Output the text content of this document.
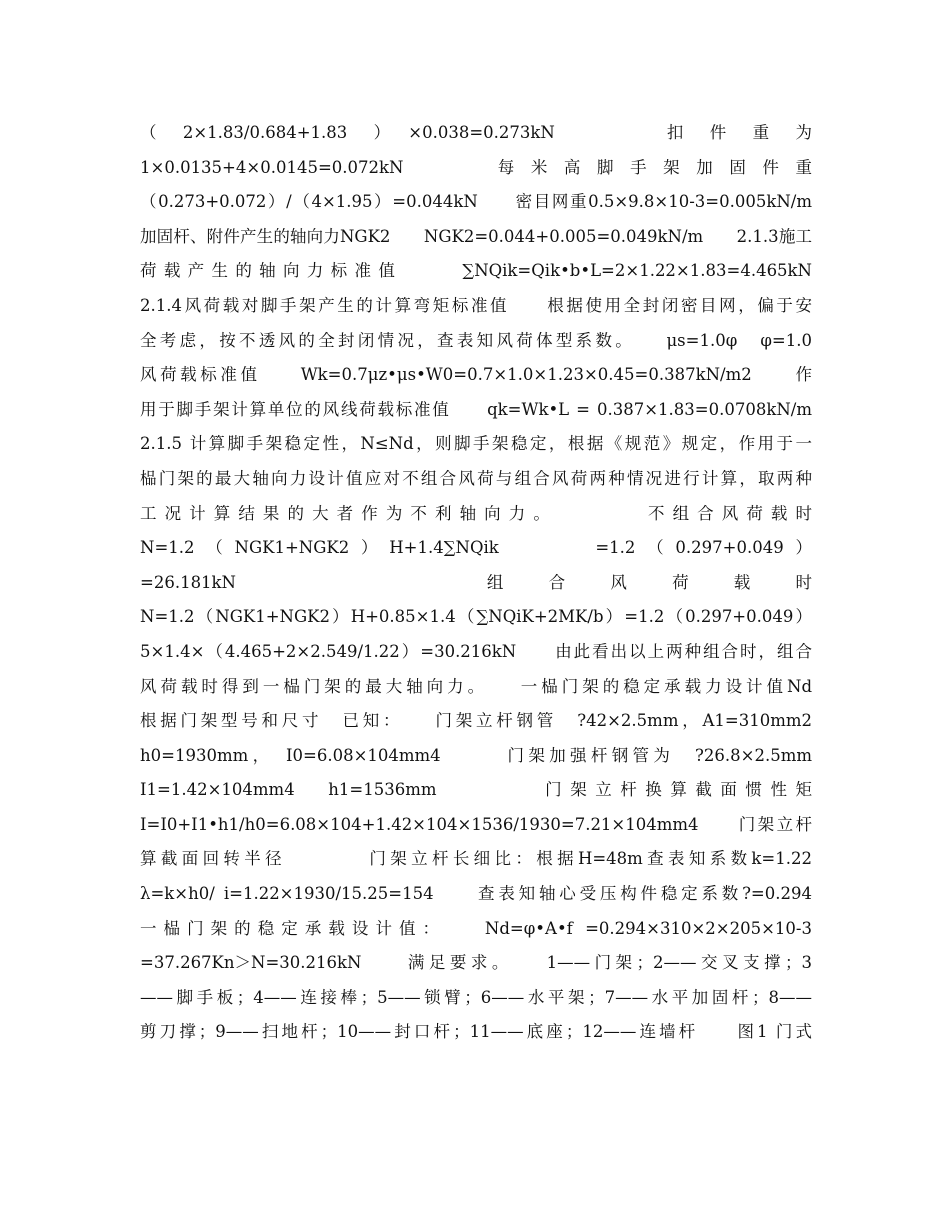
（　2×1.83/0.684+1.83　）　×0.038=0.273kN　　　　　扣　件　重　为
1×0.0135+4×0.0145=0.072kN　　　　每 米 高 脚 手 架 加 固 件 重
（0.273+0.072）/（4×1.95）=0.044kN　　密目网重0.5×9.8×10-3=0.005kN/m
加固杆、附件产生的轴向力NGK2　　NGK2=0.044+0.005=0.049kN/m　　2.1.3施工
荷载产生的轴向力标准值　　 ∑NQik=Qik•b•L=2×1.22×1.83=4.465kN
2.1.4风荷载对脚手架产生的计算弯矩标准值　　根据使用全封闭密目网，偏于安
全考虑，按不透风的全封闭情况，查表知风荷体型系数。　　μs=1.0φ　φ=1.0
风荷载标准值　　Wk=0.7μz•μs•W0=0.7×1.0×1.23×0.45=0.387kN/m2　　作
用于脚手架计算单位的风线荷载标准值　　qk=Wk•L = 0.387×1.83=0.0708kN/m
2.1.5 计算脚手架稳定性，N≤Nd，则脚手架稳定，根据《规范》规定，作用于一
榀门架的最大轴向力设计值应对不组合风荷与组合风荷两种情况进行计算，取两种
工况计算结果的大者作为不利轴向力。　　　　不组合风荷载时
N=1.2（NGK1+NGK2）H+1.4∑NQik　　　=1.2（0.297+0.049）
=26.181kN　　　　　　　　　　　　组　　合　　风　　荷　　载　　时
N=1.2（NGK1+NGK2）H+0.85×1.4（∑NQiK+2MK/b）=1.2（0.297+0.049）
5×1.4×（4.465+2×2.549/1.22）=30.216kN　　由此看出以上两种组合时，组合
风荷载时得到一榀门架的最大轴向力。　　一榀门架的稳定承载力设计值Nd
根据门架型号和尺寸　已知：　　门架立杆钢管　?42×2.5mm，A1=310mm2
h0=1930mm，　I0=6.08×104mm4　　　门架加强杆钢管为　?26.8×2.5mm
I1=1.42×104mm4　h1=1536mm　　　　门架立杆换算截面惯性矩
I=I0+I1•h1/h0=6.08×104+1.42×104×1536/1930=7.21×104mm4　　门架立杆
算截面回转半径　　　　门架立杆长细比：根据H=48m查表知系数k=1.22
λ=k×h0/ i=1.22×1930/15.25=154　　查表知轴心受压构件稳定系数?=0.294
一榀门架的稳定承载设计值：　　Nd=φ•A•f =0.294×310×2×205×10-3
=37.267Kn＞N=30.216kN　　满足要求。　　1——门架；2——交叉支撑；3
——脚手板；4——连接棒；5——锁臂；6——水平架；7——水平加固杆；8——
剪刀撑；9——扫地杆；10——封口杆；11——底座；12——连墙杆　　图1 门式
